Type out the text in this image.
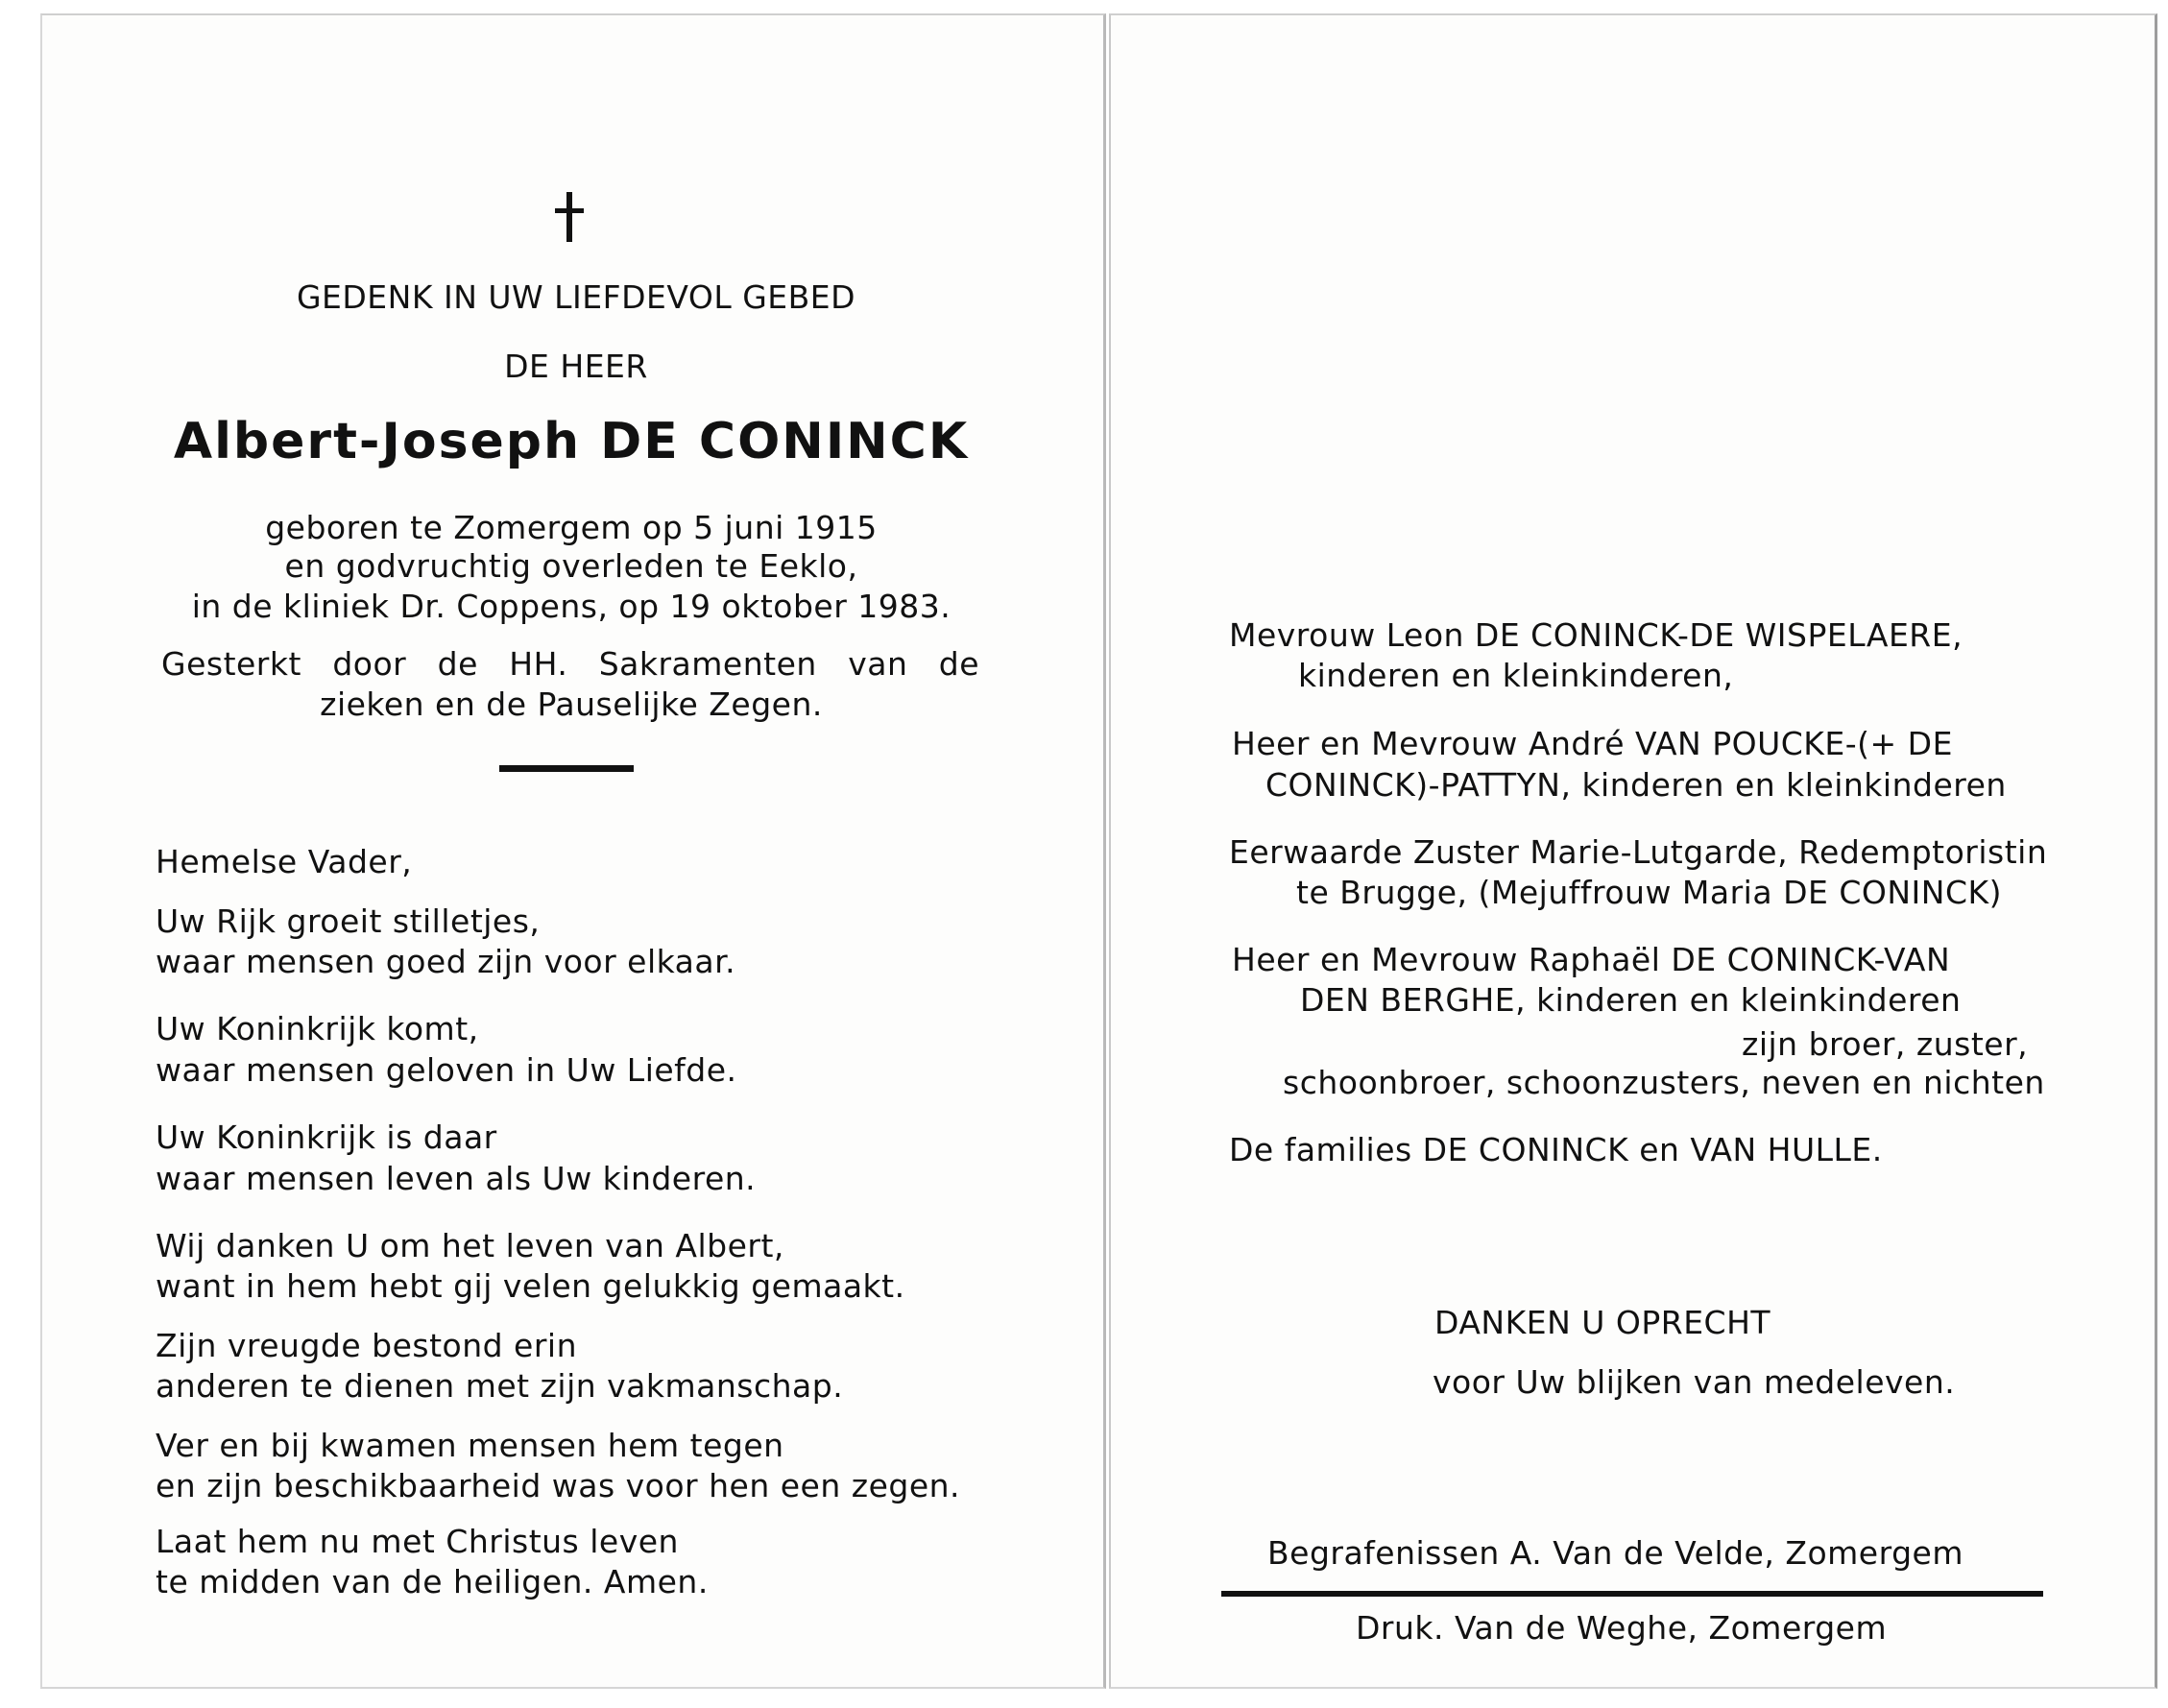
GEDENK IN UW LIEFDEVOL GEBED
DE HEER
Albert-Joseph DE CONINCK
geboren te Zomergem op 5 juni 1915
en godvruchtig overleden te Eeklo,
in de kliniek Dr. Coppens, op 19 oktober 1983.
Gesterkt door de HH. Sakramenten van de
zieken en de Pauselijke Zegen.
Hemelse Vader,
Uw Rijk groeit stilletjes,
waar mensen goed zijn voor elkaar.
Uw Koninkrijk komt,
waar mensen geloven in Uw Liefde.
Uw Koninkrijk is daar
waar mensen leven als Uw kinderen.
Wij danken U om het leven van Albert,
want in hem hebt gij velen gelukkig gemaakt.
Zijn vreugde bestond erin
anderen te dienen met zijn vakmanschap.
Ver en bij kwamen mensen hem tegen
en zijn beschikbaarheid was voor hen een zegen.
Laat hem nu met Christus leven
te midden van de heiligen. Amen.
Mevrouw Leon DE CONINCK-DE WISPELAERE,
kinderen en kleinkinderen,
Heer en Mevrouw André VAN POUCKE-(+ DE
CONINCK)-PATTYN, kinderen en kleinkinderen
Eerwaarde Zuster Marie-Lutgarde, Redemptoristin
te Brugge, (Mejuffrouw Maria DE CONINCK)
Heer en Mevrouw Raphaël DE CONINCK-VAN
DEN BERGHE, kinderen en kleinkinderen
zijn broer, zuster,
schoonbroer, schoonzusters, neven en nichten
De families DE CONINCK en VAN HULLE.
DANKEN U OPRECHT
voor Uw blijken van medeleven.
Begrafenissen A. Van de Velde, Zomergem
Druk. Van de Weghe, Zomergem
